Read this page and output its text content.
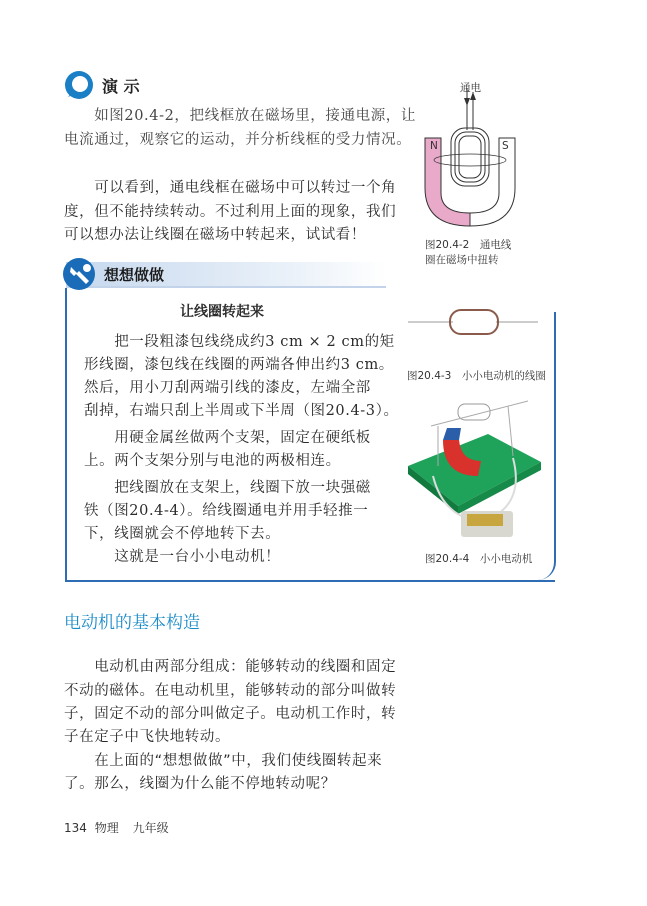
演 示
　　如图20.4-2，把线框放在磁场里，接通电源，让
电流通过，观察它的运动，并分析线框的受力情况。
　　可以看到，通电线框在磁场中可以转过一个角
度，但不能持续转动。不过利用上面的现象，我们
可以想办法让线圈在磁场中转起来，试试看！
通电
N	S
图20.4-2　通电线
圈在磁场中扭转
想想做做
让线圈转起来
　　把一段粗漆包线绕成约3 cm × 2 cm的矩
形线圈，漆包线在线圈的两端各伸出约3 cm。
然后，用小刀刮两端引线的漆皮，左端全部
刮掉，右端只刮上半周或下半周（图20.4-3）。
　　用硬金属丝做两个支架，固定在硬纸板
上。两个支架分别与电池的两极相连。
　　把线圈放在支架上，线圈下放一块强磁
铁（图20.4-4）。给线圈通电并用手轻推一
下，线圈就会不停地转下去。
　　这就是一台小小电动机！
图20.4-3　小小电动机的线圈
图20.4-4　小小电动机
电动机的基本构造
　　电动机由两部分组成：能够转动的线圈和固定
不动的磁体。在电动机里，能够转动的部分叫做转
子，固定不动的部分叫做定子。电动机工作时，转
子在定子中飞快地转动。
　　在上面的“想想做做”中，我们使线圈转起来
了。那么，线圈为什么能不停地转动呢？
134 物理 九年级
